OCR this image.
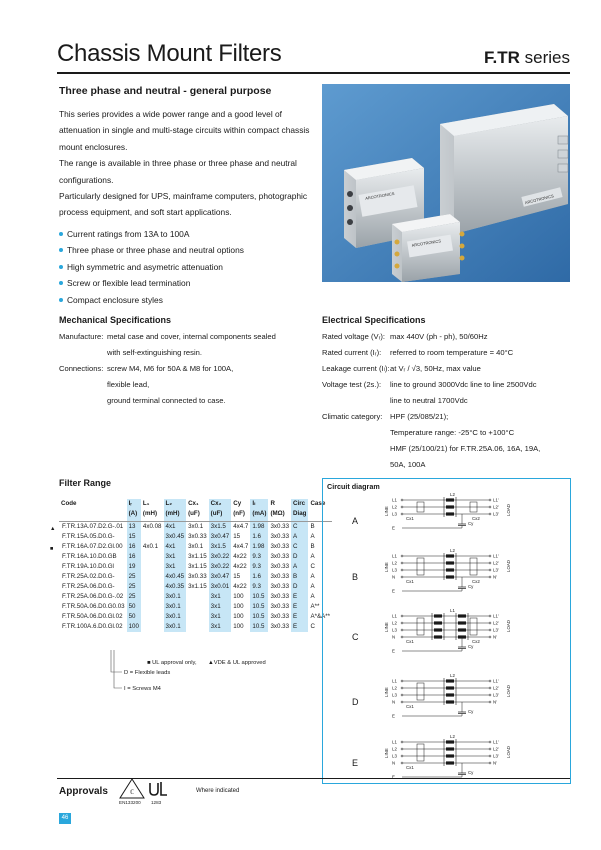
Chassis Mount Filters	F.TR series
Three phase and neutral - general purpose
This series provides a wide power range and a good level of
attenuation in single and multi-stage circuits within compact chassis
mount enclosures.
The range is available in three phase or three phase and neutral
configurations.
Particularly designed for UPS, mainframe computers, photographic
process equipment, and soft start applications.
Current ratings from 13A to 100A
Three phase or three phase and neutral options
High symmetric and asymetric attenuation
Screw or flexible lead termination
Compact enclosure styles
ARCOTRONICS
ARCOTRONICS
ARCOTRONICS
Mechanical Specifications
Manufacture: metal case and cover, internal components sealed
with self-extinguishing resin.
Connections: screw M4, M6 for 50A & M8 for 100A,
flexible lead,
ground terminal connected to case.
Electrical Specifications
Rated voltage (Vᵣ): max 440V (ph - ph), 50/60Hz
Rated current (Iᵣ): referred to room temperature = 40°C
Leakage current (Iₗ): at Vᵣ / √3, 50Hz, max value
Voltage test (2s.): line to ground 3000Vdc line to line 2500Vdc
line to neutral 1700Vdc
Climatic category: HPF (25/085/21);
Temperature range: -25°C to +100°C
HMF (25/100/21) for F.TR.25A.06, 16A, 19A,
50A, 100A
Filter Range
Code	Iᵣ	L₁	L₂	Cx₁	Cx₂	Cy	Iₗ	R	Circ	Case
	(A)	(mH)	(mH)	(uF)	(uF)	(nF)	(mA)	(MΩ)	Diag	

▲ F.TR.13A.07.D2.G-.01	13	4x0.08	4x1	3x0.1	3x1.5	4x4.7	1.98	3x0.33	C	B
F.TR.15A.05.D0.G-	15		3x0.45	3x0.33	3x0.47	15	1.6	3x0.33	A	A

■ F.TR.16A.07.D2.Gl.00	16	4x0.1	4x1	3x0.1	3x1.5	4x4.7	1.98	3x0.33	C	B
F.TR.16A.10.D0.GB	16		3x1	3x1.15	3x0.22	4x22	9.3	3x0.33	D	A
F.TR.19A.10.D0.Gl	19		3x1	3x1.15	3x0.22	4x22	9.3	3x0.33	A	C
F.TR.25A.02.D0.G-	25		4x0.45	3x0.33	3x0.47	15	1.6	3x0.33	B	A
F.TR.25A.06.D0.G-	25		4x0.35	3x1.15	3x0.01	4x22	9.3	3x0.33	D	A
F.TR.25A.06.D0.G-.02	25		3x0.1		3x1	100	10.5	3x0.33	E	A
F.TR.50A.06.D0.G0.03	50		3x0.1		3x1	100	10.5	3x0.33	E	A**
F.TR.50A.06.D0.Gl.02	50		3x0.1		3x1	100	10.5	3x0.33	E	A*&A**
F.TR.100A.6.D0.Gl.02	100		3x0.1		3x1	100	10.5	3x0.33	E	C
■ UL approval only, ▲VDE & UL approved
D = Flexible leads
I = Screws M4
Circuit diagram
A
B
C
D
E
LINE	LOAD
L1	L1'
L2	L2'
L3	L3'
L2
Cx1	Cx2
Cy
E
LINE	LOAD
L1	L1'
L2	L2'
L3	L3'
N	N'
L2
Cx1	Cx2
Cy
E
LINE	LOAD
L1	L1'
L2	L2'
L3	L3'
N	N'
L1
Cx1	Cx2
Cy
E
LINE	LOAD
L1	L1'
L2	L2'
L3	L3'
N	N'
L2
Cx1
Cy
E
LINE	LOAD
L1	L1'
L2	L2'
L3	L3'
N	N'
L2
Cx1
Cy
E
Approvals	ℂ
EN133200 1283
Where indicated
46
